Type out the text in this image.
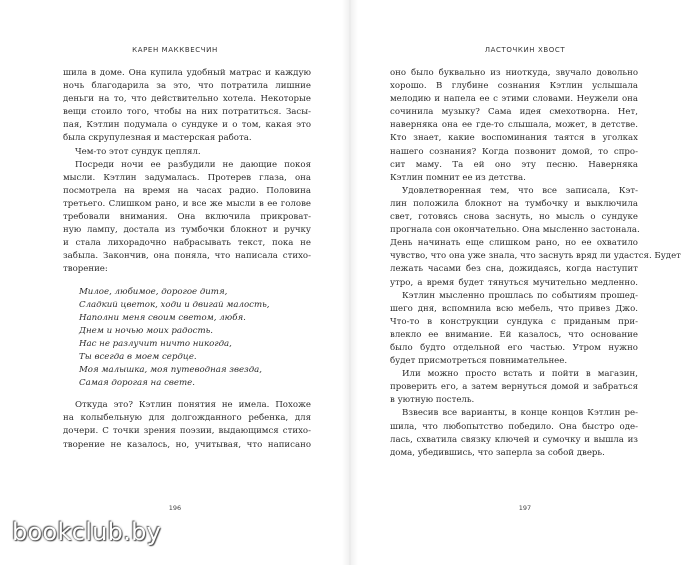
КАРЕН МАККВЕСЧИН
шила в доме. Она купила удобный матрас и каждую
ночь благодарила за это, что потратила лишние
деньги на то, что действительно хотела. Некоторые
вещи стоило того, чтобы на них потратиться. Засы-
пая, Кэтлин подумала о сундуке и о том, какая это
была скрупулезная и мастерская работа.
Чем-то этот сундук цеплял.
Посреди ночи ее разбудили не дающие покоя
мысли. Кэтлин задумалась. Протерев глаза, она
посмотрела на время на часах радио. Половина
третьего. Слишком рано, и все же мысли в ее голове
требовали внимания. Она включила прикроват-
ную лампу, достала из тумбочки блокнот и ручку
и стала лихорадочно набрасывать текст, пока не
забыла. Закончив, она поняла, что написала стихо-
творение:
Милое, любимое, дорогое дитя,
Сладкий цветок, ходи и двигай малость,
Наполни меня своим светом, любя.
Днем и ночью моих радость.
Нас не разлучит ничто никогда,
Ты всегда в моем сердце.
Моя малышка, моя путеводная звезда,
Самая дорогая на свете.
Откуда это? Кэтлин понятия не имела. Похоже
на колыбельную для долгожданного ребенка, для
дочери. С точки зрения поэзии, выдающимся стихо-
творение не казалось, но, учитывая, что написано
196
ЛАСТОЧКИН ХВОСТ
оно было буквально из ниоткуда, звучало довольно
хорошо. В глубине сознания Кэтлин услышала
мелодию и напела ее с этими словами. Неужели она
сочинила музыку? Сама идея смехотворна. Нет,
наверняка она ее где-то слышала, может, в детстве.
Кто знает, какие воспоминания таятся в уголках
нашего сознания? Когда позвонит домой, то спро-
сит маму. Та ей оно эту песню. Наверняка
Кэтлин помнит ее из детства.
Удовлетворенная тем, что все записала, Кэт-
лин положила блокнот на тумбочку и выключила
свет, готовясь снова заснуть, но мысль о сундуке
прогнала сон окончательно. Она мысленно застонала.
День начинать еще слишком рано, но ее охватило
чувство, что она уже знала, что заснуть вряд ли удастся. Будет
лежать часами без сна, дожидаясь, когда наступит
утро, а время будет тянуться мучительно медленно.
Кэтлин мысленно прошлась по событиям прошед-
шего дня, вспомнила всю мебель, что привез Джо.
Что-то в конструкции сундука с приданым при-
влекло ее внимание. Ей казалось, что основание
было будто отдельной его частью. Утром нужно
будет присмотреться повнимательнее.
Или можно просто встать и пойти в магазин,
проверить его, а затем вернуться домой и забраться
в уютную постель.
Взвесив все варианты, в конце концов Кэтлин ре-
шила, что любопытство победило. Она быстро оде-
лась, схватила связку ключей и сумочку и вышла из
дома, убедившись, что заперла за собой дверь.
197
bookclub.by
